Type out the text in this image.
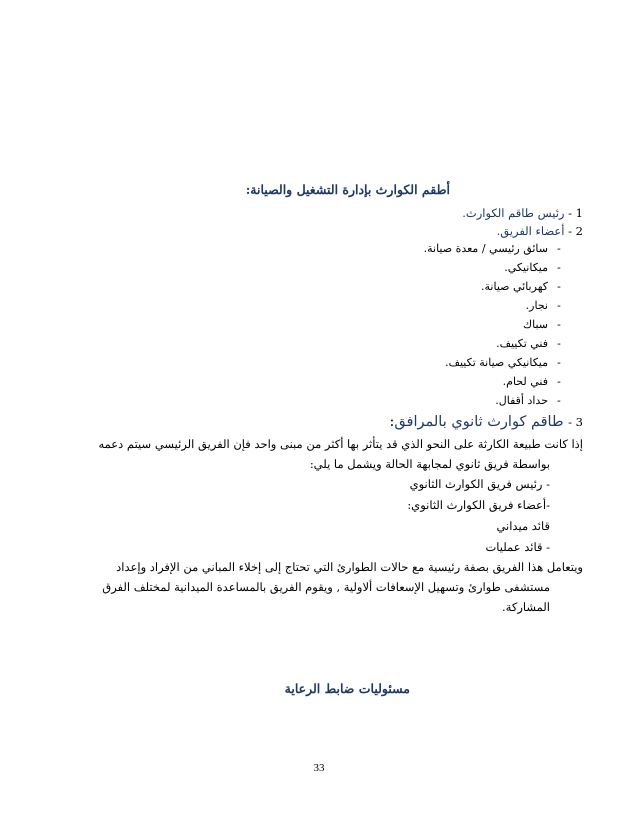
أطقم الكوارث بإدارة التشغيل والصيانة:
1 - رئيس طاقم الكوارث.
2 - أعضاء الفريق.
-سائق رئيسي / معدة صيانة.
-ميكانيكي.
-كهربائي صيانة.
-نجار.
-سباك
-فني تكييف.
-ميكانيكي صيانة تكييف.
-فني لحام.
-حداد أقفال.
3 - طاقم كوارث ثانوي بالمرافق:
إذا كانت طبيعة الكارثة على النحو الذي قد يتأثر بها أكثر من مبنى واحد فإن الفريق الرئيسي سيتم دعمه
بواسطة فريق ثانوي لمجابهة الحالة ويشمل ما يلي:
- رئيس فريق الكوارث الثانوي
-أعضاء فريق الكوارث الثانوي:
قائد ميداني
- قائد عمليات
ويتعامل هذا الفريق بصفة رئيسية مع حالات الطوارئ التي تحتاج إلى إخلاء المباني من الإفراد وإعداد
مستشفى طوارئ وتسهيل الإسعافات ألاولية , ويقوم الفريق بالمساعدة الميدانية لمختلف الفرق
المشاركة.
مسئوليات ضابط الرعاية
33
